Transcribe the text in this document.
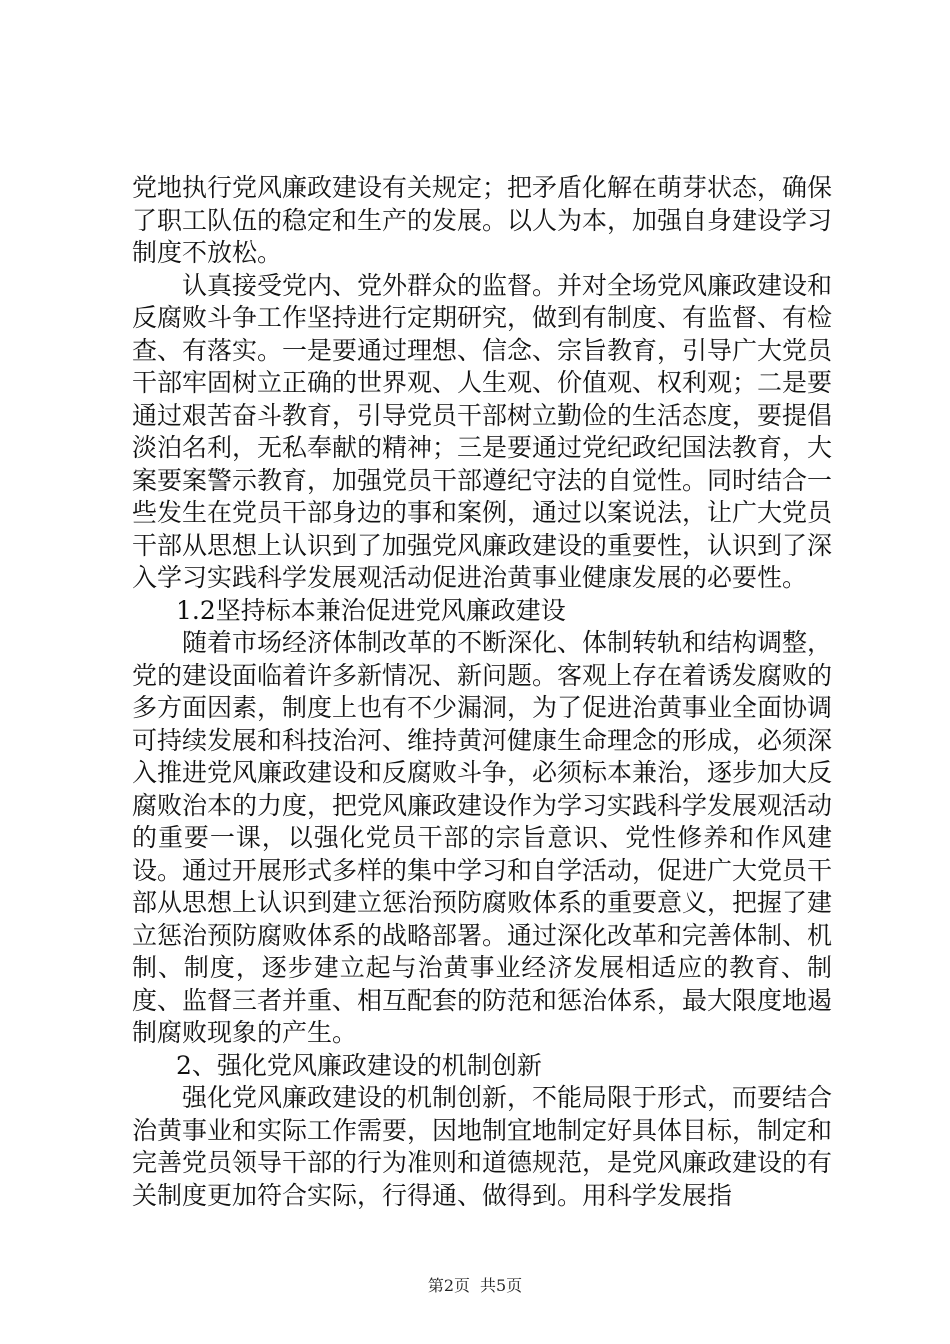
党地执行党风廉政建设有关规定；把矛盾化解在萌芽状态，确保了职工队伍的稳定和生产的发展。以人为本，加强自身建设学习制度不放松。

认真接受党内、党外群众的监督。并对全场党风廉政建设和反腐败斗争工作坚持进行定期研究，做到有制度、有监督、有检查、有落实。一是要通过理想、信念、宗旨教育，引导广大党员干部牢固树立正确的世界观、人生观、价值观、权利观；二是要通过艰苦奋斗教育，引导党员干部树立勤俭的生活态度，要提倡淡泊名利，无私奉献的精神；三是要通过党纪政纪国法教育，大案要案警示教育，加强党员干部遵纪守法的自觉性。同时结合一些发生在党员干部身边的事和案例，通过以案说法，让广大党员干部从思想上认识到了加强党风廉政建设的重要性，认识到了深入学习实践科学发展观活动促进治黄事业健康发展的必要性。

1.2坚持标本兼治促进党风廉政建设

随着市场经济体制改革的不断深化、体制转轨和结构调整，党的建设面临着许多新情况、新问题。客观上存在着诱发腐败的多方面因素，制度上也有不少漏洞，为了促进治黄事业全面协调可持续发展和科技治河、维持黄河健康生命理念的形成，必须深入推进党风廉政建设和反腐败斗争，必须标本兼治，逐步加大反腐败治本的力度，把党风廉政建设作为学习实践科学发展观活动的重要一课，以强化党员干部的宗旨意识、党性修养和作风建设。通过开展形式多样的集中学习和自学活动，促进广大党员干部从思想上认识到建立惩治预防腐败体系的重要意义，把握了建立惩治预防腐败体系的战略部署。通过深化改革和完善体制、机制、制度，逐步建立起与治黄事业经济发展相适应的教育、制度、监督三者并重、相互配套的防范和惩治体系，最大限度地遏制腐败现象的产生。

2、强化党风廉政建设的机制创新

强化党风廉政建设的机制创新，不能局限于形式，而要结合治黄事业和实际工作需要，因地制宜地制定好具体目标，制定和完善党员领导干部的行为准则和道德规范，是党风廉政建设的有关制度更加符合实际，行得通、做得到。用科学发展指

第2页 共5页
